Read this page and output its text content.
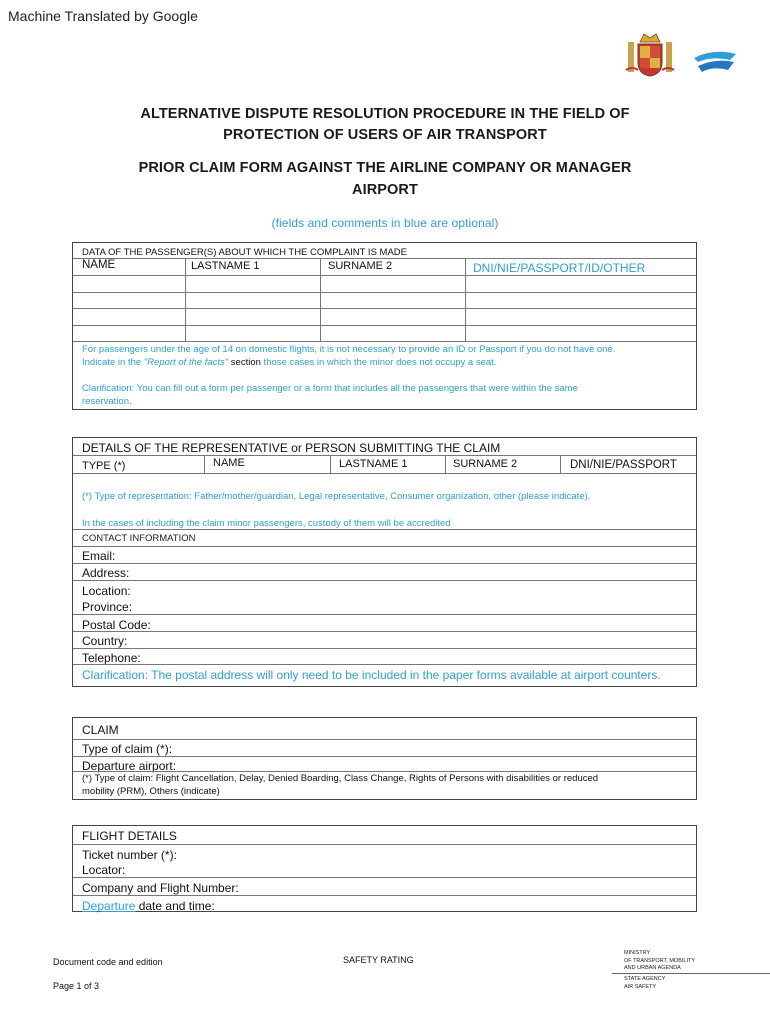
Machine Translated by Google
ALTERNATIVE DISPUTE RESOLUTION PROCEDURE IN THE FIELD OF
PROTECTION OF USERS OF AIR TRANSPORT
PRIOR CLAIM FORM AGAINST THE AIRLINE COMPANY OR MANAGER
AIRPORT
(fields and comments in blue are optional)
DATA OF THE PASSENGER(S) ABOUT WHICH THE COMPLAINT IS MADE
NAME	LASTNAME 1	SURNAME 2	DNI/NIE/PASSPORT/ID/OTHER
For passengers under the age of 14 on domestic flights, it is not necessary to provide an ID or Passport if you do not have one.
Indicate in the "Report of the facts" section those cases in which the minor does not occupy a seat.
Clarification: You can fill out a form per passenger or a form that includes all the passengers that were within the same
reservation.
DETAILS OF THE REPRESENTATIVE or PERSON SUBMITTING THE CLAIM
TYPE (*)	NAME	LASTNAME 1	SURNAME 2	DNI/NIE/PASSPORT
(*) Type of representation: Father/mother/guardian, Legal representative, Consumer organization, other (please indicate).
In the cases of including the claim minor passengers, custody of them will be accredited
CONTACT INFORMATION
Email:
Address:
Location:
Province:
Postal Code:
Country:
Telephone:
Clarification: The postal address will only need to be included in the paper forms available at airport counters.
CLAIM
Type of claim (*):
Departure airport:
(*) Type of claim: Flight Cancellation, Delay, Denied Boarding, Class Change, Rights of Persons with disabilities or reduced
mobility (PRM), Others (indicate)
FLIGHT DETAILS
Ticket number (*):
Locator:
Company and Flight Number:
Departure date and time:
Document code and edition
Page 1 of 3
SAFETY RATING
MINISTRY
OF TRANSPORT, MOBILITY
AND URBAN AGENDA
STATE AGENCY
AIR SAFETY
